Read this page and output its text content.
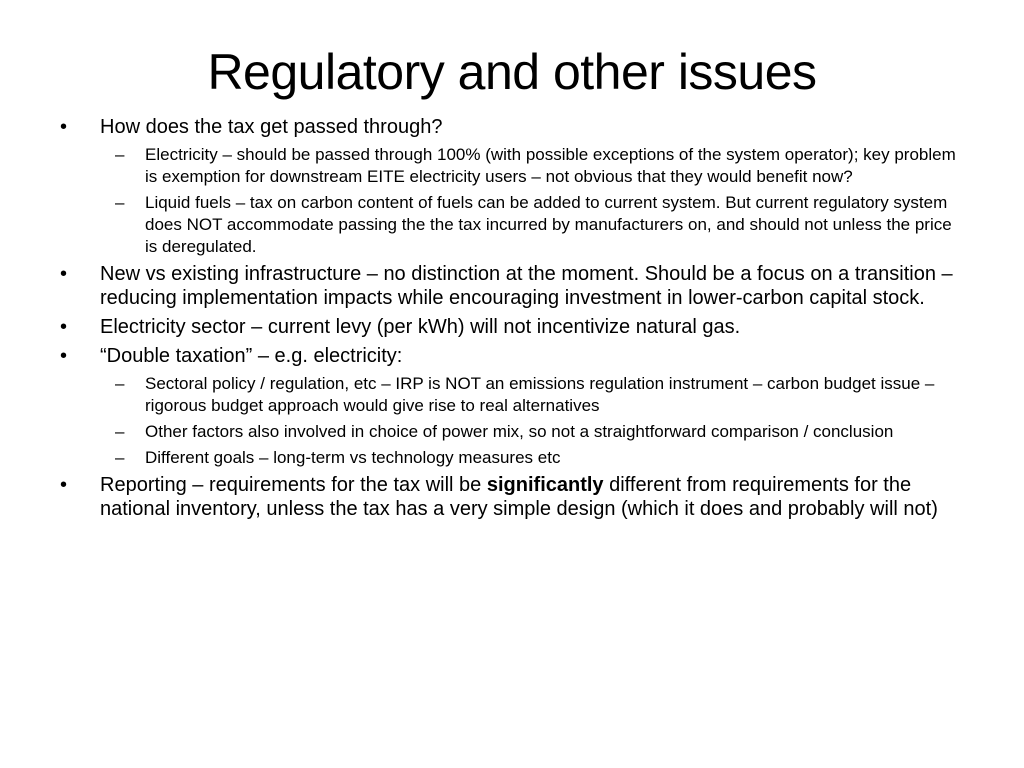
Regulatory and other issues
•	How does the tax get passed through?
–	Electricity – should be passed through 100% (with possible exceptions of the system operator); key problem is exemption for downstream EITE electricity users – not obvious that they would benefit now?
–	Liquid fuels – tax on carbon content of fuels can be added to current system. But current regulatory system does NOT accommodate passing the the tax incurred by manufacturers on, and should not unless the price is deregulated.
•	New vs existing infrastructure – no distinction at the moment. Should be a focus on a transition – reducing implementation impacts while encouraging investment in lower-carbon capital stock.
•	Electricity sector – current levy (per kWh) will not incentivize natural gas.
•	“Double taxation” – e.g. electricity:
–	Sectoral policy / regulation, etc – IRP is NOT an emissions regulation instrument – carbon budget issue – rigorous budget approach would give rise to real alternatives
–	Other factors also involved in choice of power mix, so not a straightforward comparison / conclusion
–	Different goals – long-term vs technology measures etc
•	Reporting – requirements for the tax will be significantly different from requirements for the national inventory, unless the tax has a very simple design (which it does and probably will not)
